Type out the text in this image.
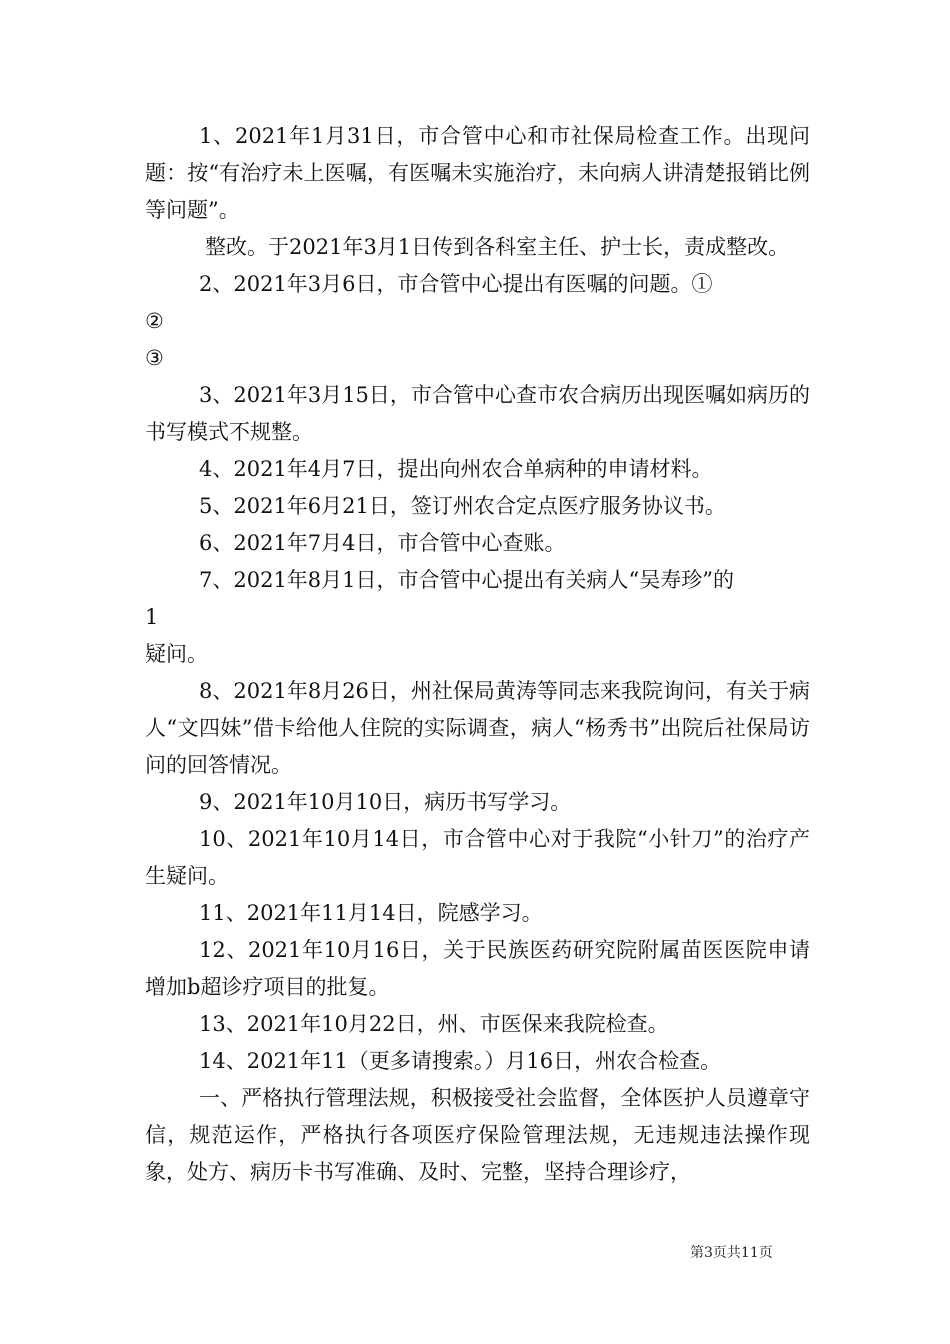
1、2021年1月31日，市合管中心和市社保局检查工作。出现问题：按“有治疗未上医嘱，有医嘱未实施治疗，未向病人讲清楚报销比例等问题”。

整改。于2021年3月1日传到各科室主任、护士长，责成整改。

2、2021年3月6日，市合管中心提出有医嘱的问题。①

②

③

3、2021年3月15日，市合管中心查市农合病历出现医嘱如病历的书写模式不规整。

4、2021年4月7日，提出向州农合单病种的申请材料。

5、2021年6月21日，签订州农合定点医疗服务协议书。

6、2021年7月4日，市合管中心查账。

7、2021年8月1日，市合管中心提出有关病人“吴寿珍”的

1

疑问。

8、2021年8月26日，州社保局黄涛等同志来我院询问，有关于病人“文四妹”借卡给他人住院的实际调查，病人“杨秀书”出院后社保局访问的回答情况。

9、2021年10月10日，病历书写学习。

10、2021年10月14日，市合管中心对于我院“小针刀”的治疗产生疑问。

11、2021年11月14日，院感学习。

12、2021年10月16日，关于民族医药研究院附属苗医医院申请增加b超诊疗项目的批复。

13、2021年10月22日，州、市医保来我院检查。

14、2021年11（更多请搜索。）月16日，州农合检查。

一、严格执行管理法规，积极接受社会监督，全体医护人员遵章守信，规范运作，严格执行各项医疗保险管理法规，无违规违法操作现象，处方、病历卡书写准确、及时、完整，坚持合理诊疗，

第3页共11页
